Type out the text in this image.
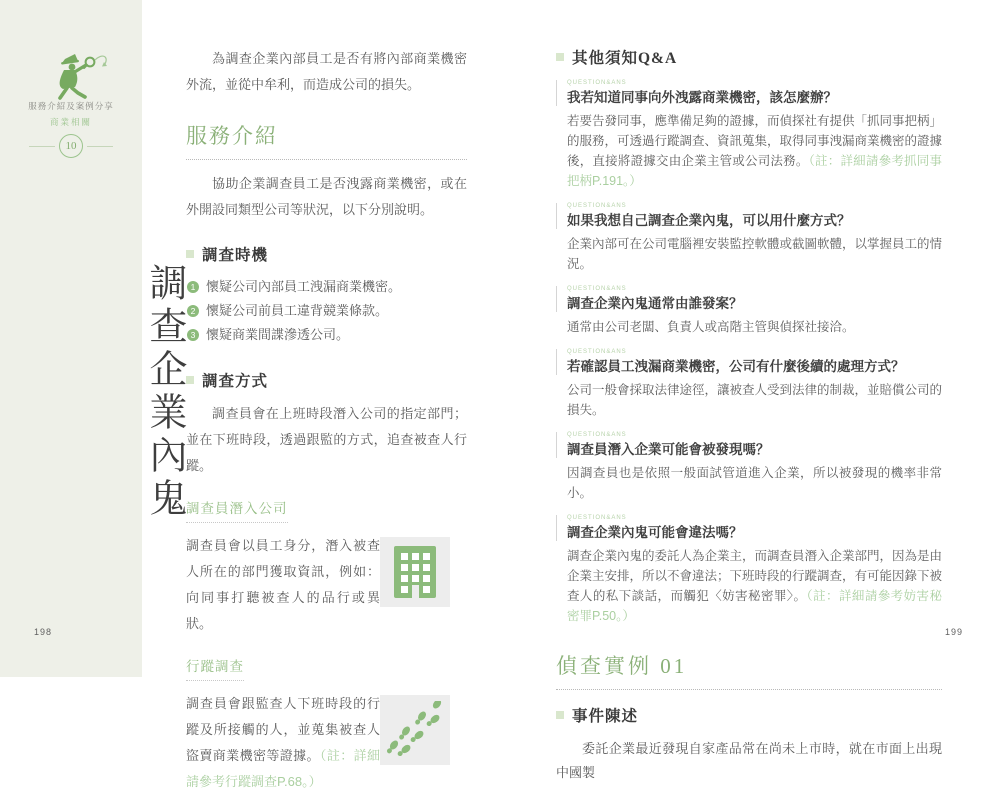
服務介紹及案例分享
商業相關
10
調查企業內鬼
198	199
為調查企業內部員工是否有將內部商業機密外流，並從中牟利，而造成公司的損失。
服務介紹
協助企業調查員工是否洩露商業機密，或在外開設同類型公司等狀況，以下分別說明。
調查時機
1 懷疑公司內部員工洩漏商業機密。
2 懷疑公司前員工違背競業條款。
3 懷疑商業間諜滲透公司。
調查方式
調查員會在上班時段潛入公司的指定部門；並在下班時段，透過跟監的方式，追查被查人行蹤。
調查員潛入公司
調查員會以員工身分，潛入被查人所在的部門獲取資訊，例如：向同事打聽被查人的品行或異狀。
行蹤調查
調查員會跟監查人下班時段的行蹤及所接觸的人，並蒐集被查人盜賣商業機密等證據。（註：詳細請參考行蹤調查P.68。）
其他須知Q&A
QUESTION&ANS
我若知道同事向外洩露商業機密，該怎麼辦？
若要告發同事，應準備足夠的證據，而偵探社有提供「抓同事把柄」的服務，可透過行蹤調查、資訊蒐集，取得同事洩漏商業機密的證據後，直接將證據交由企業主管或公司法務。（註：詳細請參考抓同事把柄P.191。）
QUESTION&ANS
如果我想自己調查企業內鬼，可以用什麼方式？
企業內部可在公司電腦裡安裝監控軟體或截圖軟體，以掌握員工的情況。
QUESTION&ANS
調查企業內鬼通常由誰發案？
通常由公司老闆、負責人或高階主管與偵探社接洽。
QUESTION&ANS
若確認員工洩漏商業機密，公司有什麼後續的處理方式？
公司一般會採取法律途徑，讓被查人受到法律的制裁，並賠償公司的損失。
QUESTION&ANS
調查員潛入企業可能會被發現嗎？
因調查員也是依照一般面試管道進入企業，所以被發現的機率非常小。
QUESTION&ANS
調查企業內鬼可能會違法嗎？
調查企業內鬼的委託人為企業主，而調查員潛入企業部門，因為是由企業主安排，所以不會違法；下班時段的行蹤調查，有可能因錄下被查人的私下談話，而觸犯〈妨害秘密罪〉。（註：詳細請參考妨害秘密罪P.50。）
偵查實例 01
事件陳述
委託企業最近發現自家產品常在尚未上市時，就在市面上出現中國製
